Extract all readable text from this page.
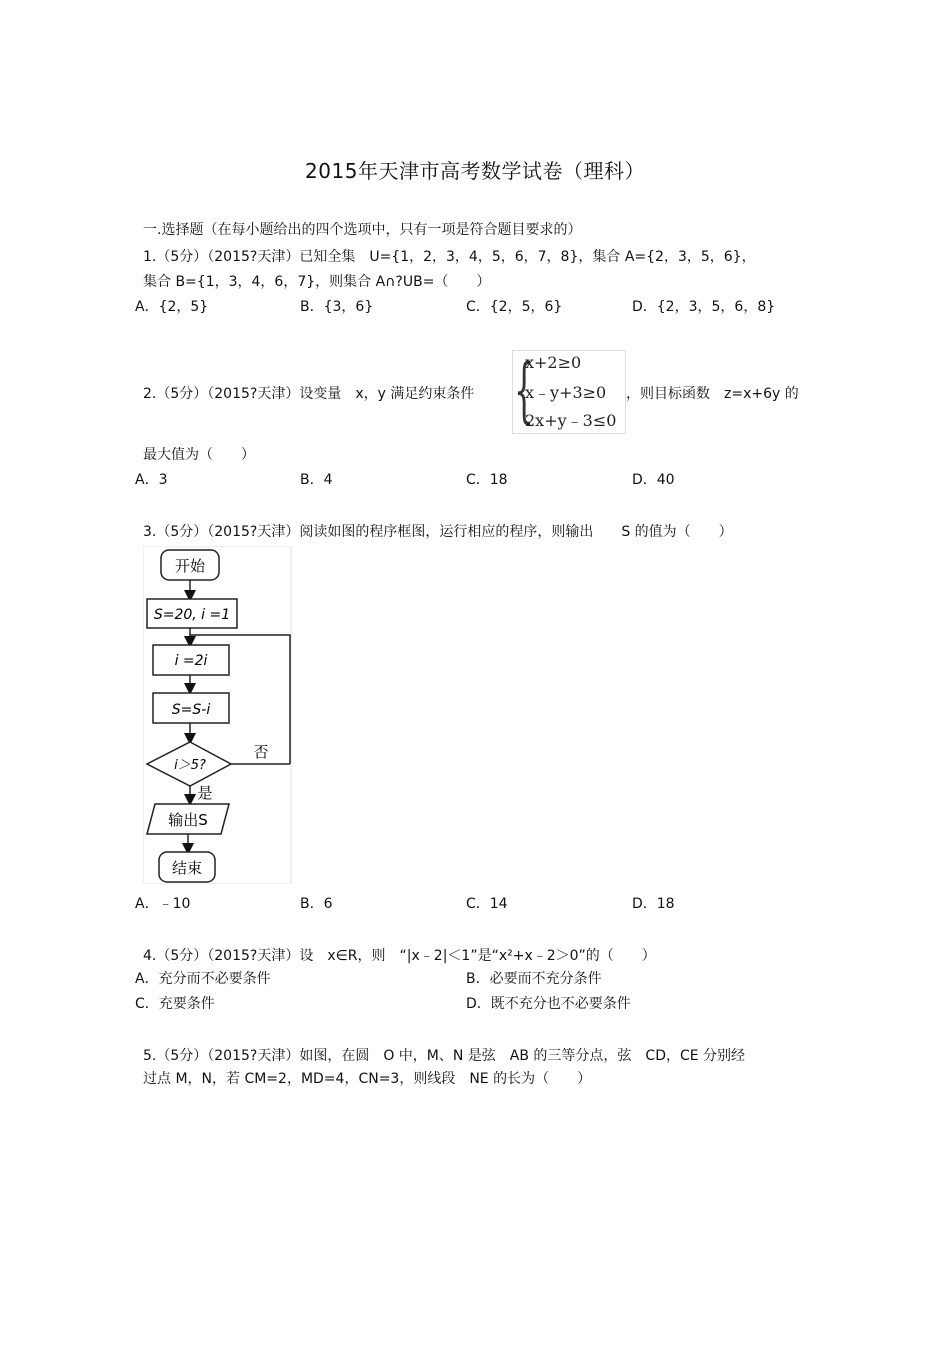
2015年天津市高考数学试卷（理科）
一.选择题（在每小题给出的四个选项中，只有一项是符合题目要求的）
1.（5分）（2015?天津）已知全集　U={1，2，3，4，5，6，7，8}，集合 A={2，3，5，6}，
集合 B={1，3，4，6，7}，则集合 A∩?UB=（　　）
A．{2，5}	B．{3，6}	C．{2，5，6}	D．{2，3，5，6，8}
2.（5分）（2015?天津）设变量　x，y 满足约束条件 {
x+2≥0
x﹣y+3≥0
2x+y﹣3≤0
，则目标函数　z=x+6y 的
最大值为（　　）
A．3	B．4	C．18	D．40
3.（5分）（2015?天津）阅读如图的程序框图，运行相应的程序，则输出　　S 的值为（　　）
开始
S=20, i =1
i =2i
S=S-i
i＞5?
否
是
输出S
结束
A．﹣10	B．6	C．14	D．18
4.（5分）（2015?天津）设　x∈R，则　“|x﹣2|＜1”是“x²+x﹣2＞0”的（　　）
A．充分而不必要条件	B．必要而不充分条件
C．充要条件	D．既不充分也不必要条件
5.（5分）（2015?天津）如图，在圆　O 中，M、N 是弦　AB 的三等分点，弦　CD，CE 分别经
过点 M，N，若 CM=2，MD=4，CN=3，则线段　NE 的长为（　　）
